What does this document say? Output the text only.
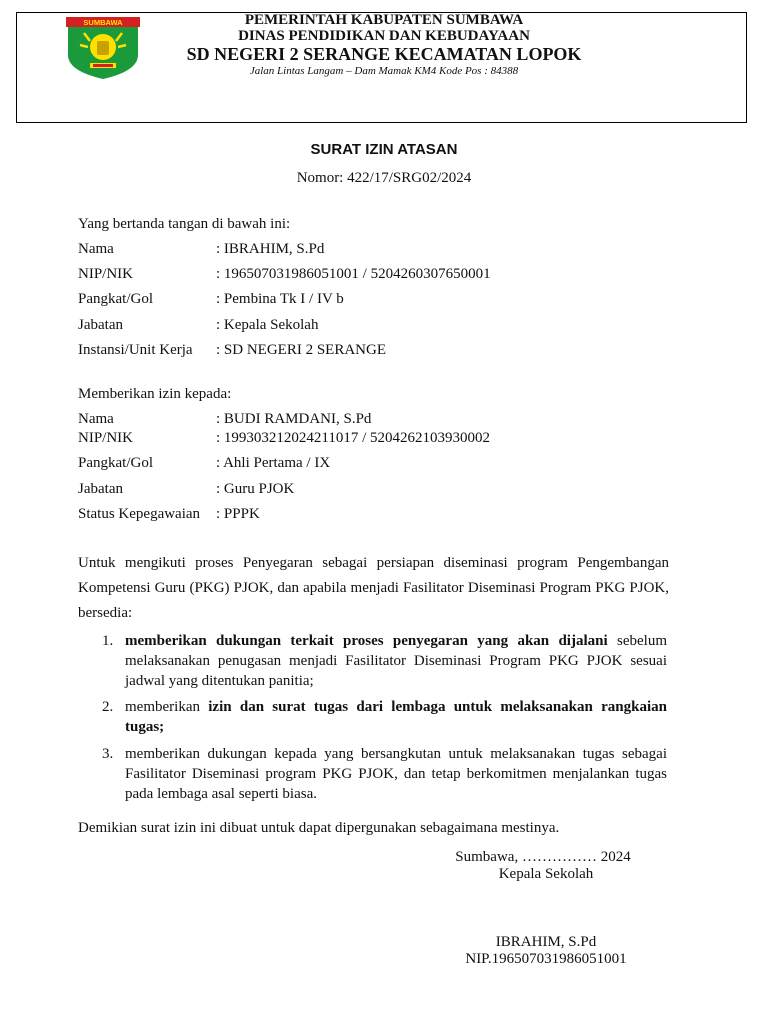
SUMBAWA	PEMERINTAH KABUPATEN SUMBAWA
DINAS PENDIDIKAN DAN KEBUDAYAAN
SD NEGERI 2 SERANGE KECAMATAN LOPOK
Jalan Lintas Langam – Dam Mamak KM4 Kode Pos : 84388
SURAT IZIN ATASAN
Nomor: 422/17/SRG02/2024
Yang bertanda tangan di bawah ini:
Nama	: IBRAHIM, S.Pd
NIP/NIK	: 196507031986051001 / 5204260307650001
Pangkat/Gol	: Pembina Tk I / IV b
Jabatan	: Kepala Sekolah
Instansi/Unit Kerja : SD NEGERI 2 SERANGE
Memberikan izin kepada:
Nama	: BUDI RAMDANI, S.Pd
NIP/NIK	: 199303212024211017 / 5204262103930002
Pangkat/Gol	: Ahli Pertama / IX
Jabatan	: Guru PJOK
Status Kepegawaian : PPPK
Untuk mengikuti proses Penyegaran sebagai persiapan diseminasi program Pengembangan Kompetensi Guru (PKG) PJOK, dan apabila menjadi Fasilitator Diseminasi Program PKG PJOK, bersedia:
1. memberikan dukungan terkait proses penyegaran yang akan dijalani sebelum melaksanakan penugasan menjadi Fasilitator Diseminasi Program PKG PJOK sesuai jadwal yang ditentukan panitia;
2. memberikan izin dan surat tugas dari lembaga untuk melaksanakan rangkaian tugas;
3. memberikan dukungan kepada yang bersangkutan untuk melaksanakan tugas sebagai Fasilitator Diseminasi program PKG PJOK, dan tetap berkomitmen menjalankan tugas pada lembaga asal seperti biasa.
Demikian surat izin ini dibuat untuk dapat dipergunakan sebagaimana mestinya.
Sumbawa, …………… 2024
Kepala Sekolah
IBRAHIM, S.Pd
NIP.196507031986051001
